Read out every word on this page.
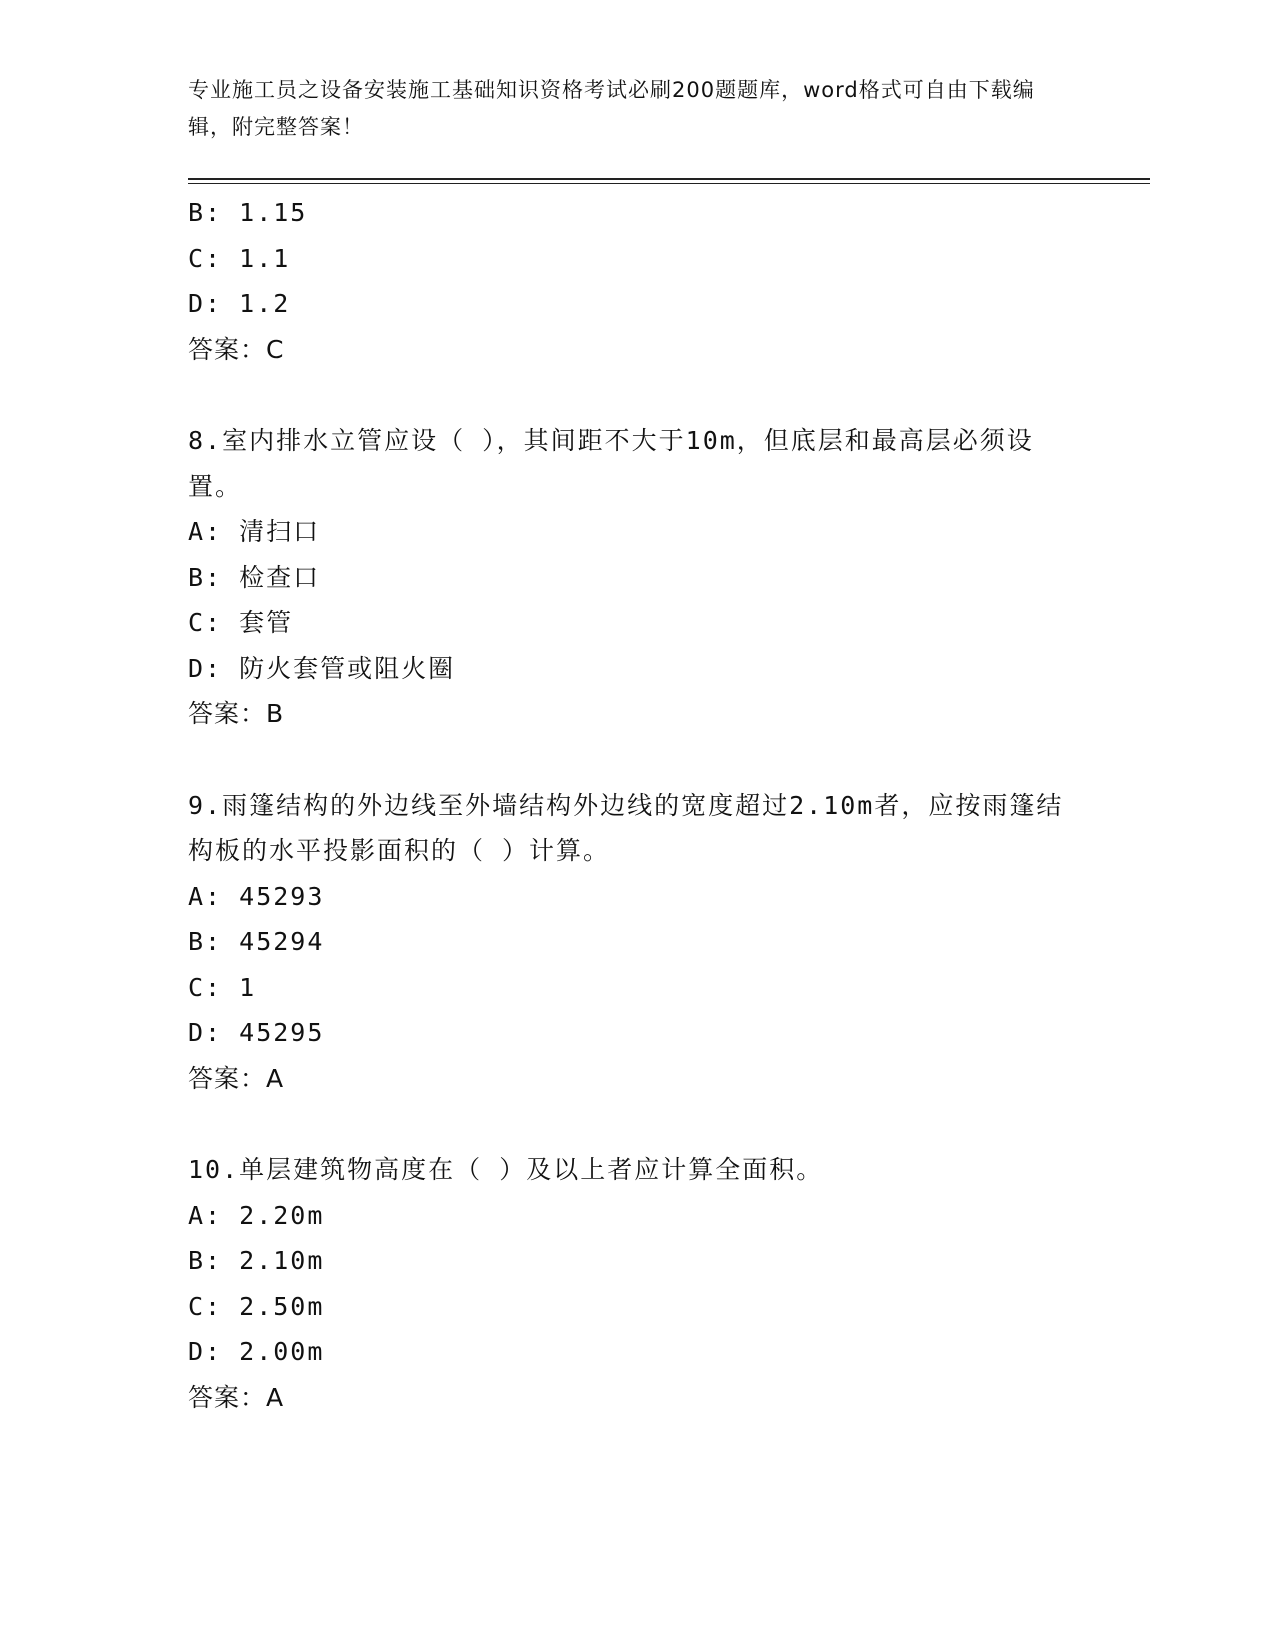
专业施工员之设备安装施工基础知识资格考试必刷200题题库，word格式可自由下载编辑，附完整答案！
B: 1.15
C: 1.1
D: 1.2
答案：C
8.室内排水立管应设（ ），其间距不大于10m，但底层和最高层必须设置。
A: 清扫口
B: 检查口
C: 套管
D: 防火套管或阻火圈
答案：B
9.雨篷结构的外边线至外墙结构外边线的宽度超过2.10m者，应按雨篷结构板的水平投影面积的（ ）计算。
A: 45293
B: 45294
C: 1
D: 45295
答案：A
10.单层建筑物高度在（ ）及以上者应计算全面积。
A: 2.20m
B: 2.10m
C: 2.50m
D: 2.00m
答案：A
